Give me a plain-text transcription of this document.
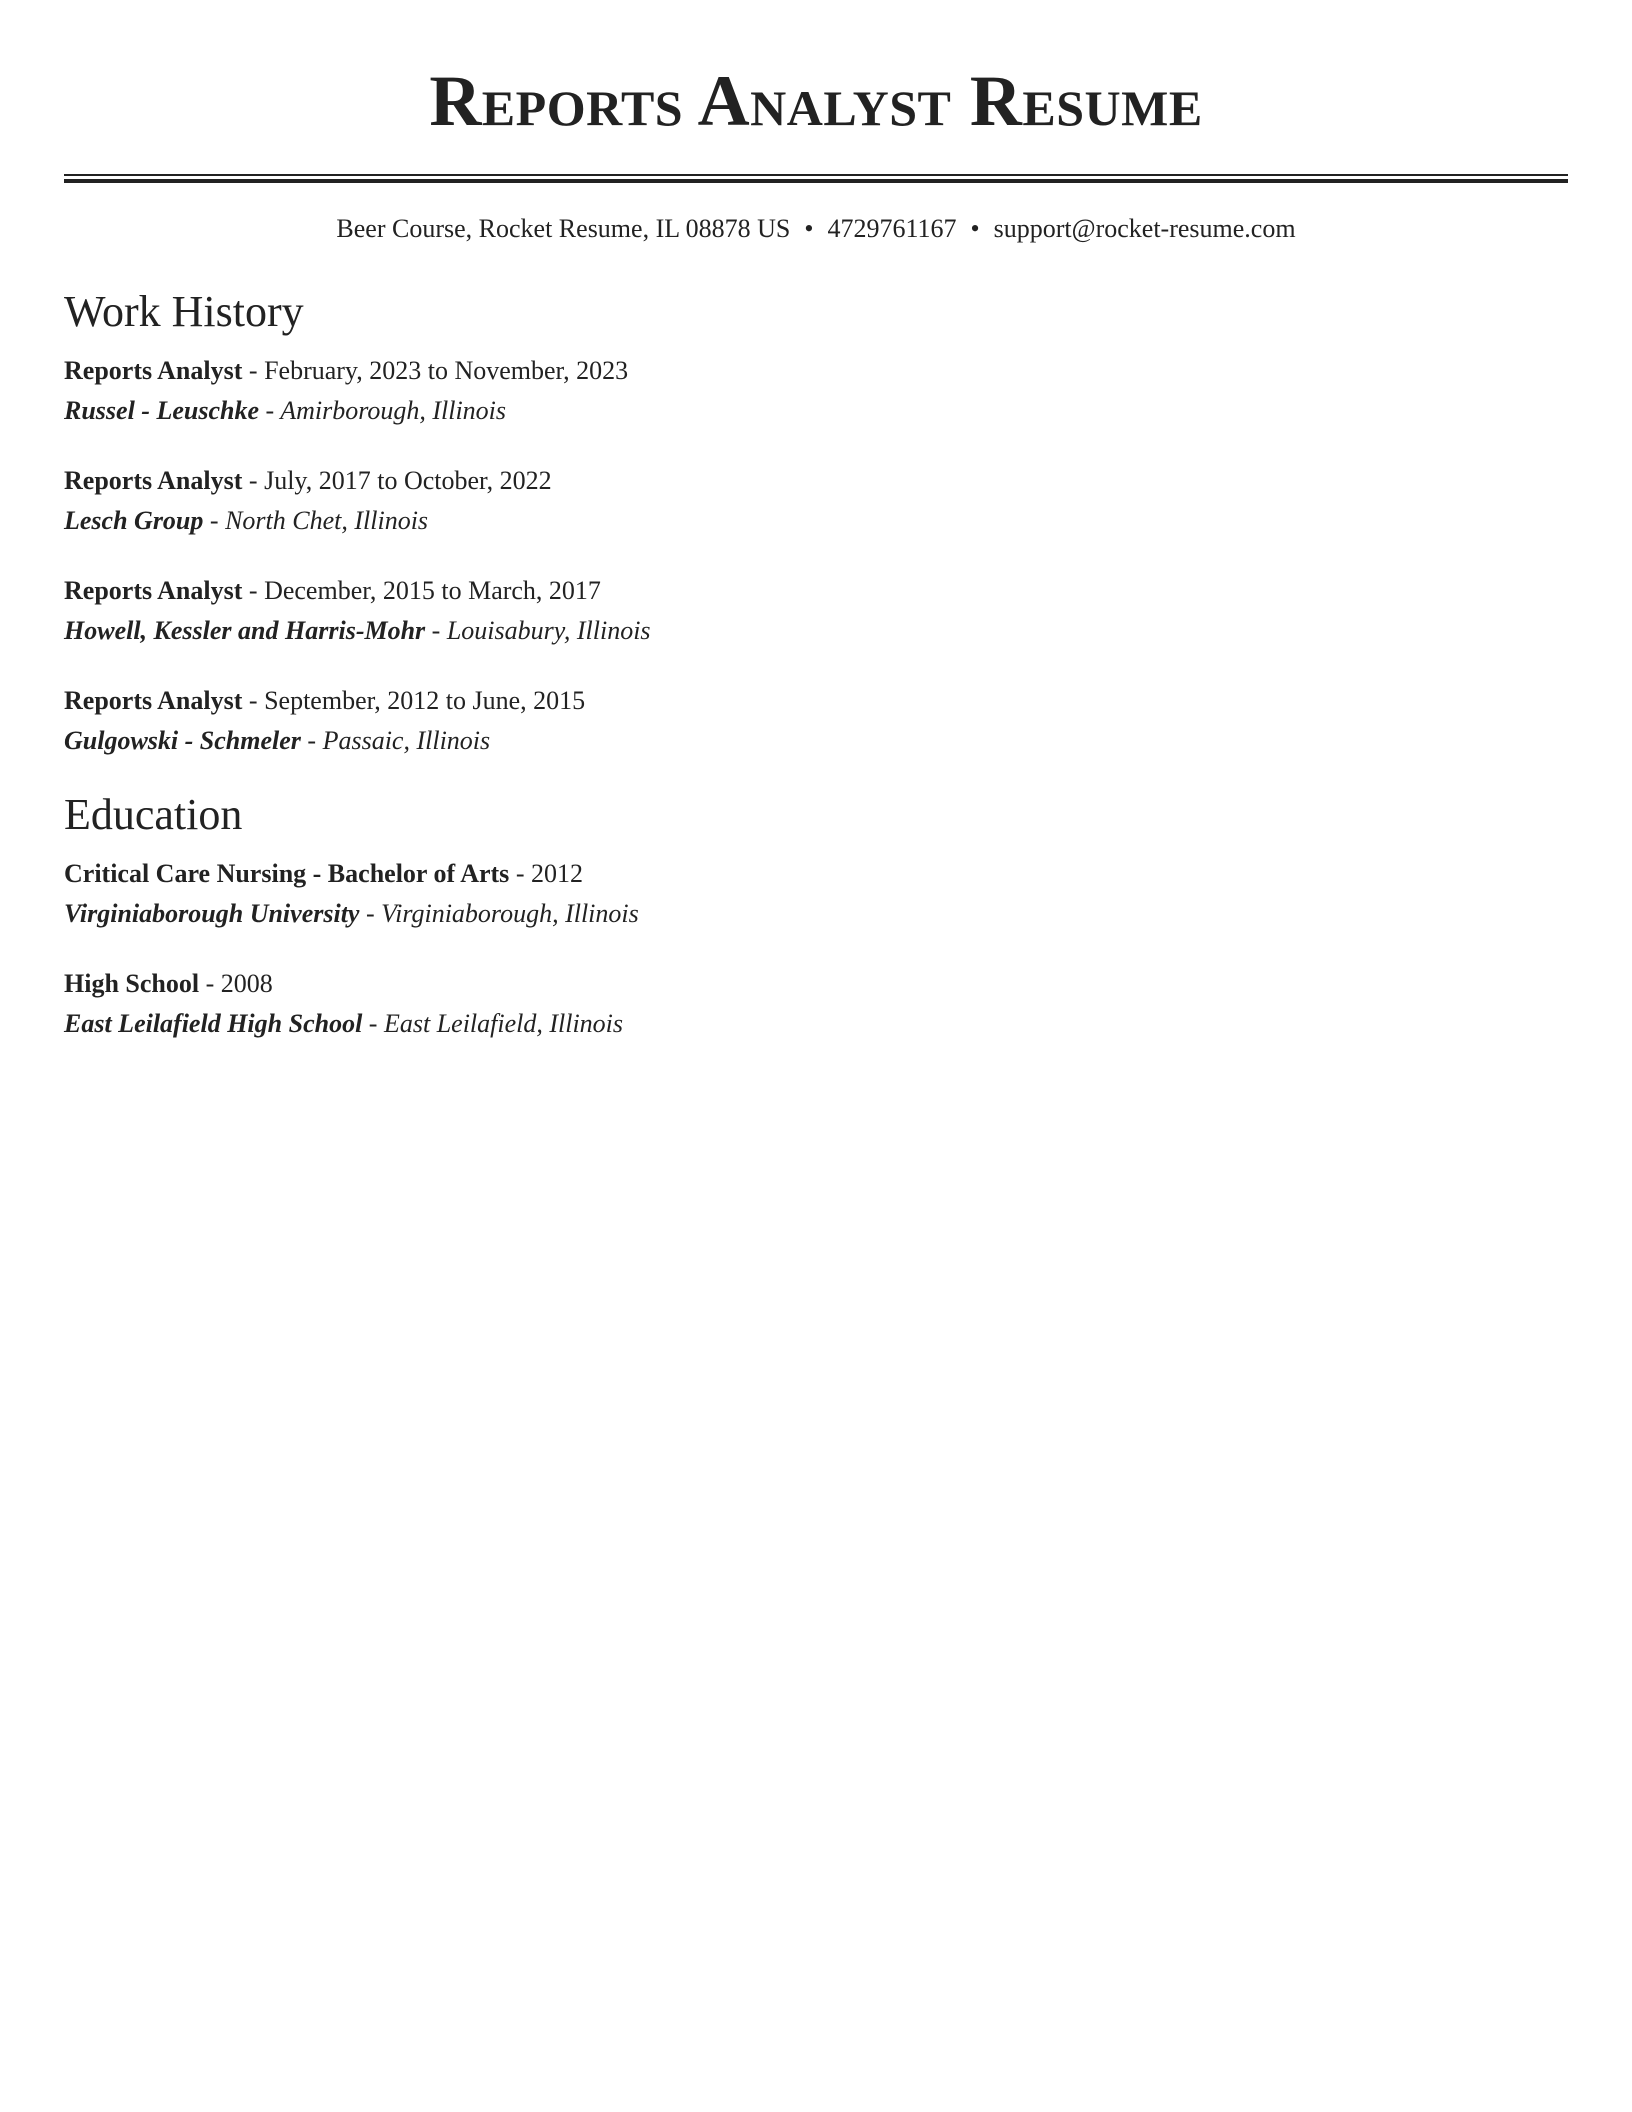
Reports Analyst Resume
Beer Course, Rocket Resume, IL 08878 US • 4729761167 • support@rocket-resume.com
Work History
Reports Analyst - February, 2023 to November, 2023
Russel - Leuschke - Amirborough, Illinois
Reports Analyst - July, 2017 to October, 2022
Lesch Group - North Chet, Illinois
Reports Analyst - December, 2015 to March, 2017
Howell, Kessler and Harris-Mohr - Louisabury, Illinois
Reports Analyst - September, 2012 to June, 2015
Gulgowski - Schmeler - Passaic, Illinois
Education
Critical Care Nursing - Bachelor of Arts - 2012
Virginiaborough University - Virginiaborough, Illinois
High School - 2008
East Leilafield High School - East Leilafield, Illinois
